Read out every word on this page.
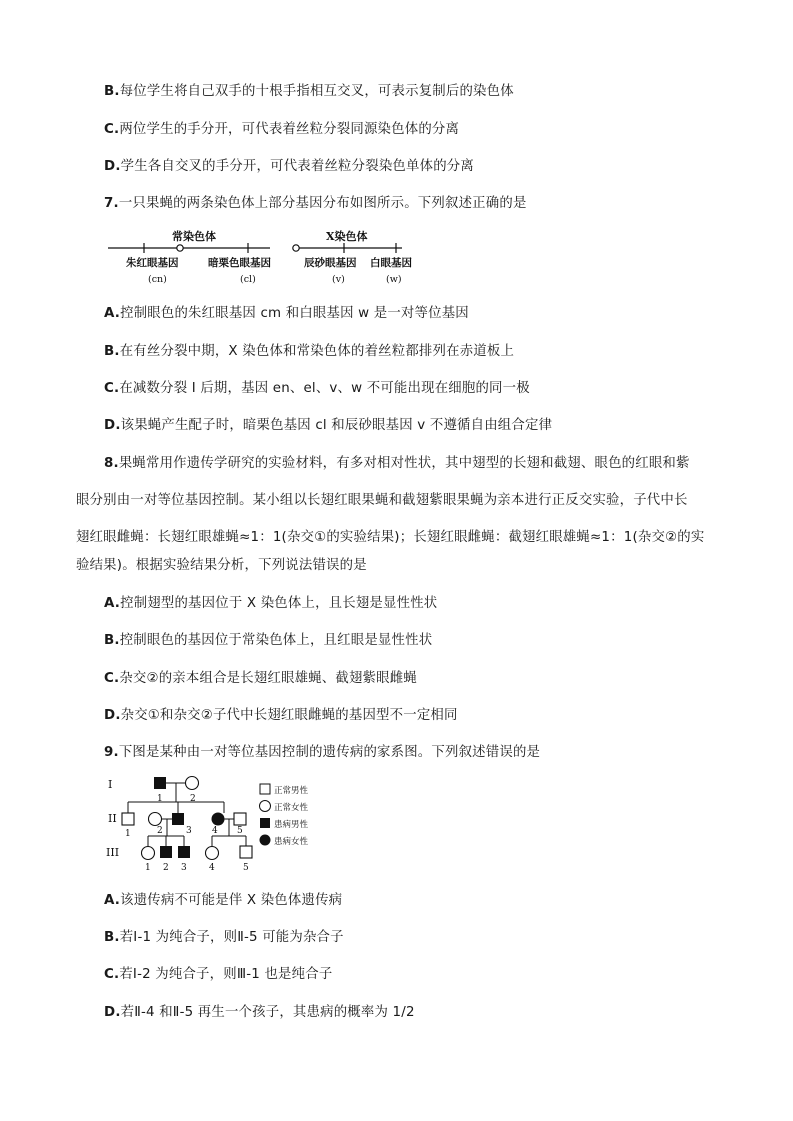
B.每位学生将自己双手的十根手指相互交叉，可表示复制后的染色体
C.两位学生的手分开，可代表着丝粒分裂同源染色体的分离
D.学生各自交叉的手分开，可代表着丝粒分裂染色单体的分离
7.一只果蝇的两条染色体上部分基因分布如图所示。下列叙述正确的是
常染色体
朱红眼基因
(cn)
暗栗色眼基因
(cl)
X染色体
辰砂眼基因
(v)
白眼基因
(w)
A.控制眼色的朱红眼基因 cm 和白眼基因 w 是一对等位基因
B.在有丝分裂中期，X 染色体和常染色体的着丝粒都排列在赤道板上
C.在减数分裂 I 后期，基因 en、el、v、w 不可能出现在细胞的同一极
D.该果蝇产生配子时，暗栗色基因 cl 和辰砂眼基因 v 不遵循自由组合定律
8.果蝇常用作遗传学研究的实验材料，有多对相对性状，其中翅型的长翅和截翅、眼色的红眼和紫
眼分别由一对等位基因控制。某小组以长翅红眼果蝇和截翅紫眼果蝇为亲本进行正反交实验，子代中长
翅红眼雌蝇：长翅红眼雄蝇≈1：1(杂交①的实验结果)；长翅红眼雌蝇：截翅红眼雄蝇≈1：1(杂交②的实
验结果)。根据实验结果分析，下列说法错误的是
A.控制翅型的基因位于 X 染色体上，且长翅是显性性状
B.控制眼色的基因位于常染色体上，且红眼是显性性状
C.杂交②的亲本组合是长翅红眼雄蝇、截翅紫眼雌蝇
D.杂交①和杂交②子代中长翅红眼雌蝇的基因型不一定相同
9.下图是某种由一对等位基因控制的遗传病的家系图。下列叙述错误的是
I
II
III
1	2
1	2	3 4 5
1 2 3 4	5
正常男性
正常女性
患病男性
患病女性
A.该遗传病不可能是伴 X 染色体遗传病
B.若Ⅰ-1 为纯合子，则Ⅱ-5 可能为杂合子
C.若Ⅰ-2 为纯合子，则Ⅲ-1 也是纯合子
D.若Ⅱ-4 和Ⅱ-5 再生一个孩子，其患病的概率为 1/2
